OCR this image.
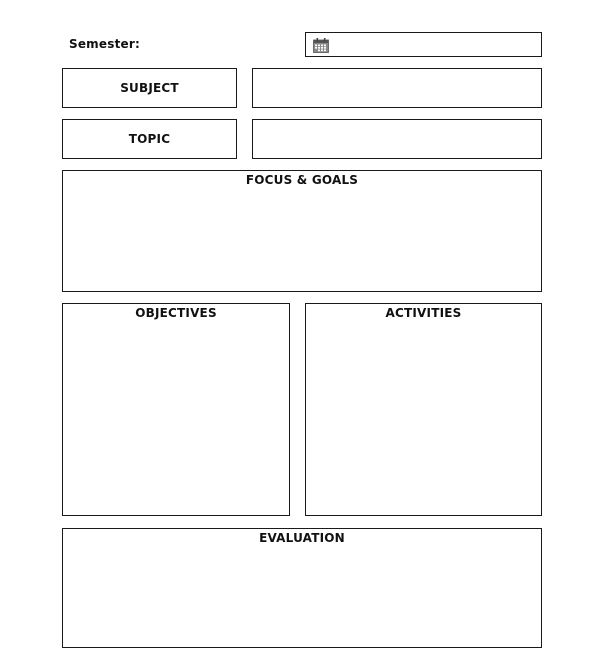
Semester:
SUBJECT
TOPIC
FOCUS & GOALS
OBJECTIVES	ACTIVITIES
EVALUATION
